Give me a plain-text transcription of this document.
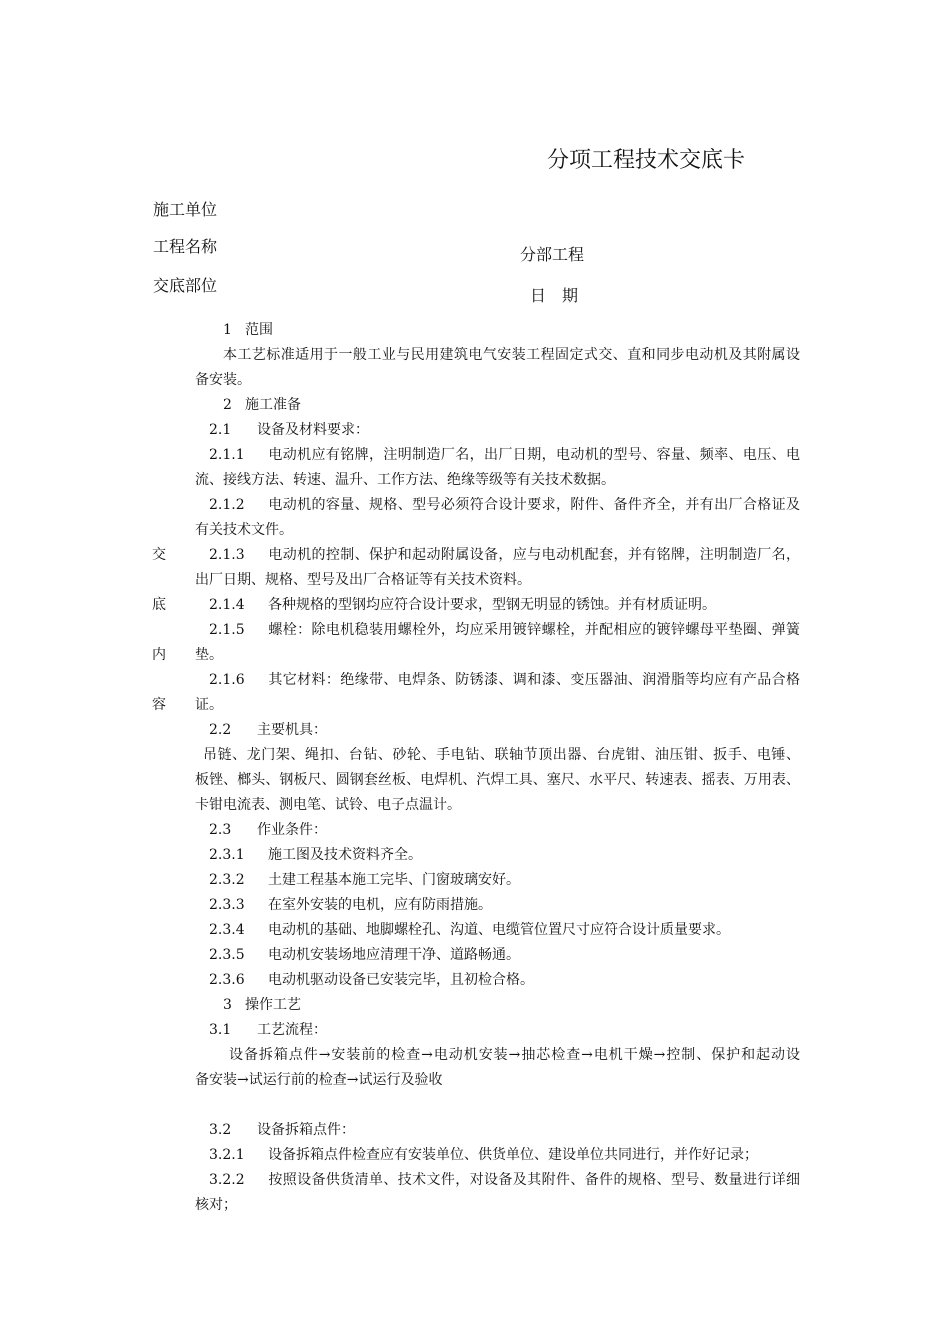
分项工程技术交底卡
施工单位
工程名称
交底部位
分部工程
日　期
交
底
内
容
1 范围
本工艺标准适用于一般工业与民用建筑电气安装工程固定式交、直和同步电动机及其附属设
备安装。
2 施工准备
2.1 设备及材料要求：
2.1.1 电动机应有铭牌，注明制造厂名，出厂日期，电动机的型号、容量、频率、电压、电
流、接线方法、转速、温升、工作方法、绝缘等级等有关技术数据。
2.1.2 电动机的容量、规格、型号必须符合设计要求，附件、备件齐全，并有出厂合格证及
有关技术文件。
2.1.3 电动机的控制、保护和起动附属设备，应与电动机配套，并有铭牌，注明制造厂名，
出厂日期、规格、型号及出厂合格证等有关技术资料。
2.1.4 各种规格的型钢均应符合设计要求，型钢无明显的锈蚀。并有材质证明。
2.1.5 螺栓：除电机稳装用螺栓外，均应采用镀锌螺栓，并配相应的镀锌螺母平垫圈、弹簧
垫。
2.1.6 其它材料：绝缘带、电焊条、防锈漆、调和漆、变压器油、润滑脂等均应有产品合格
证。
2.2 主要机具：
吊链、龙门架、绳扣、台钻、砂轮、手电钻、联轴节顶出器、台虎钳、油压钳、扳手、电锤、
板锉、榔头、钢板尺、圆钢套丝板、电焊机、汽焊工具、塞尺、水平尺、转速表、摇表、万用表、
卡钳电流表、测电笔、试铃、电子点温计。
2.3 作业条件：
2.3.1 施工图及技术资料齐全。
2.3.2 土建工程基本施工完毕、门窗玻璃安好。
2.3.3 在室外安装的电机，应有防雨措施。
2.3.4 电动机的基础、地脚螺栓孔、沟道、电缆管位置尺寸应符合设计质量要求。
2.3.5 电动机安装场地应清理干净、道路畅通。
2.3.6 电动机驱动设备已安装完毕，且初检合格。
3 操作工艺
3.1 工艺流程：
设备拆箱点件→安装前的检查→电动机安装→抽芯检查→电机干燥→控制、保护和起动设
备安装→试运行前的检查→试运行及验收
3.2 设备拆箱点件：
3.2.1 设备拆箱点件检查应有安装单位、供货单位、建设单位共同进行，并作好记录；
3.2.2 按照设备供货清单、技术文件，对设备及其附件、备件的规格、型号、数量进行详细
核对；
